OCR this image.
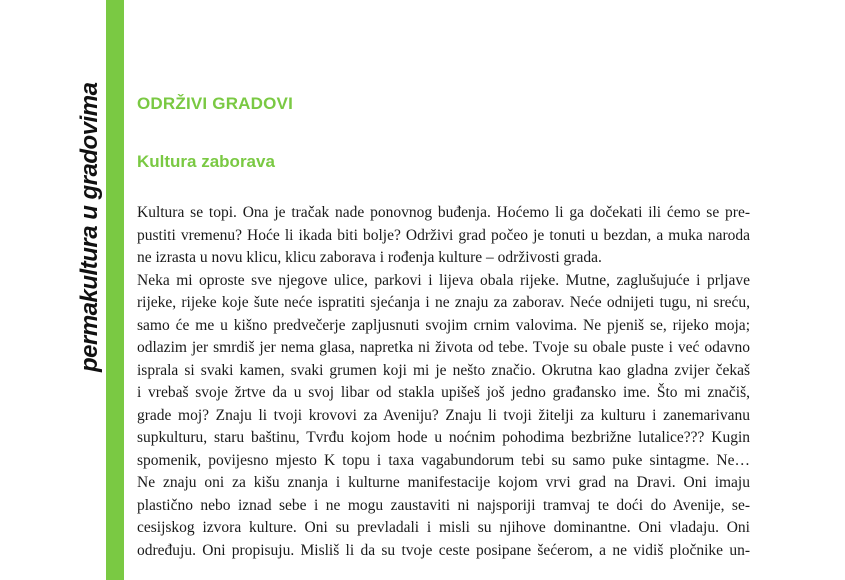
permakultura u gradovima ODRŽIVI GRADOVI
Kultura zaborava
Kultura se topi. Ona je tračak nade ponovnog buđenja. Hoćemo li ga dočekati ili ćemo se pre-
pustiti vremenu? Hoće li ikada biti bolje? Održivi grad počeo je tonuti u bezdan, a muka naroda
ne izrasta u novu klicu, klicu zaborava i rođenja kulture – održivosti grada.
Neka mi oproste sve njegove ulice, parkovi i lijeva obala rijeke. Mutne, zaglušujuće i prljave
rijeke, rijeke koje šute neće ispratiti sjećanja i ne znaju za zaborav. Neće odnijeti tugu, ni sreću,
samo će me u kišno predvečerje zapljusnuti svojim crnim valovima. Ne pjeniš se, rijeko moja;
odlazim jer smrdiš jer nema glasa, napretka ni života od tebe. Tvoje su obale puste i već odavno
isprala si svaki kamen, svaki grumen koji mi je nešto značio. Okrutna kao gladna zvijer čekaš
i vrebaš svoje žrtve da u svoj libar od stakla upišeš još jedno građansko ime. Što mi značiš,
grade moj? Znaju li tvoji krovovi za Aveniju? Znaju li tvoji žitelji za kulturu i zanemarivanu
supkulturu, staru baštinu, Tvrđu kojom hode u noćnim pohodima bezbrižne lutalice??? Kugin
spomenik, povijesno mjesto K topu i taxa vagabundorum tebi su samo puke sintagme. Ne…
Ne znaju oni za kišu znanja i kulturne manifestacije kojom vrvi grad na Dravi. Oni imaju
plastično nebo iznad sebe i ne mogu zaustaviti ni najsporiji tramvaj te doći do Avenije, se-
cesijskog izvora kulture. Oni su prevladali i misli su njihove dominantne. Oni vladaju. Oni
određuju. Oni propisuju. Misliš li da su tvoje ceste posipane šećerom, a ne vidiš pločnike un-
